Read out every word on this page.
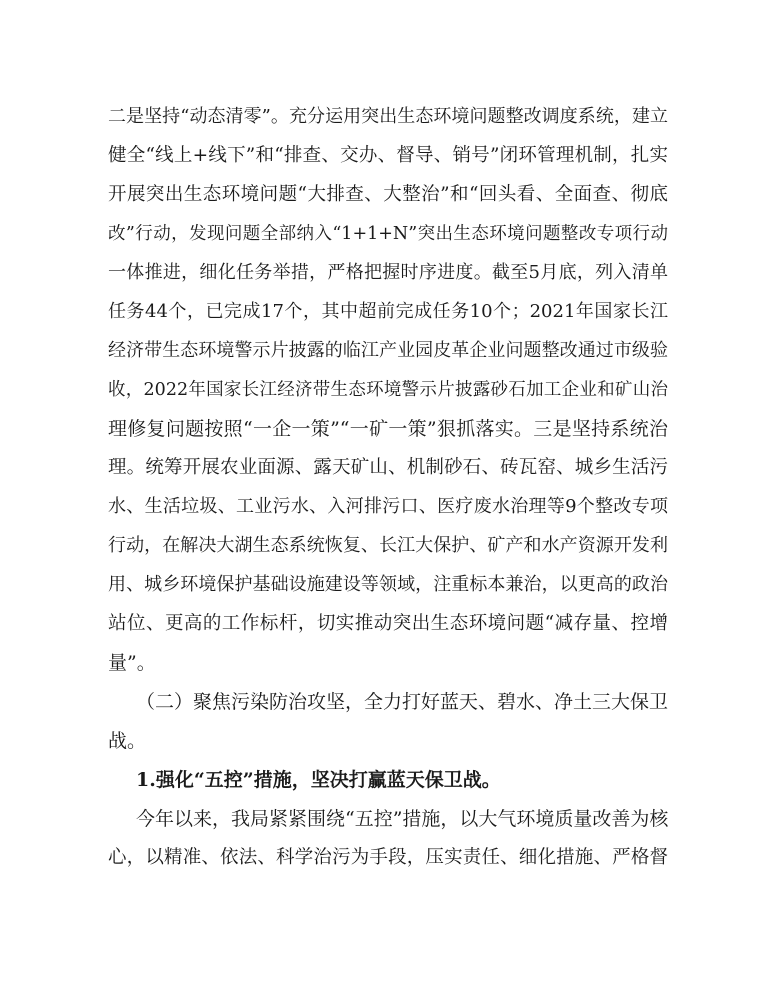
二是坚持“动态清零”。充分运用突出生态环境问题整改调度系统，建立
健全“线上+线下”和“排查、交办、督导、销号”闭环管理机制，扎实
开展突出生态环境问题“大排查、大整治”和“回头看、全面查、彻底
改”行动，发现问题全部纳入“1+1+N”突出生态环境问题整改专项行动
一体推进，细化任务举措，严格把握时序进度。截至5月底，列入清单
任务44个，已完成17个，其中超前完成任务10个；2021年国家长江
经济带生态环境警示片披露的临江产业园皮革企业问题整改通过市级验
收，2022年国家长江经济带生态环境警示片披露砂石加工企业和矿山治
理修复问题按照“一企一策”“一矿一策”狠抓落实。三是坚持系统治
理。统筹开展农业面源、露天矿山、机制砂石、砖瓦窑、城乡生活污
水、生活垃圾、工业污水、入河排污口、医疗废水治理等9个整改专项
行动，在解决大湖生态系统恢复、长江大保护、矿产和水产资源开发利
用、城乡环境保护基础设施建设等领域，注重标本兼治，以更高的政治
站位、更高的工作标杆，切实推动突出生态环境问题“减存量、控增
量”。
（二）聚焦污染防治攻坚，全力打好蓝天、碧水、净土三大保卫
战。
1.强化“五控”措施，坚决打赢蓝天保卫战。
今年以来，我局紧紧围绕“五控”措施，以大气环境质量改善为核
心，以精准、依法、科学治污为手段，压实责任、细化措施、严格督
